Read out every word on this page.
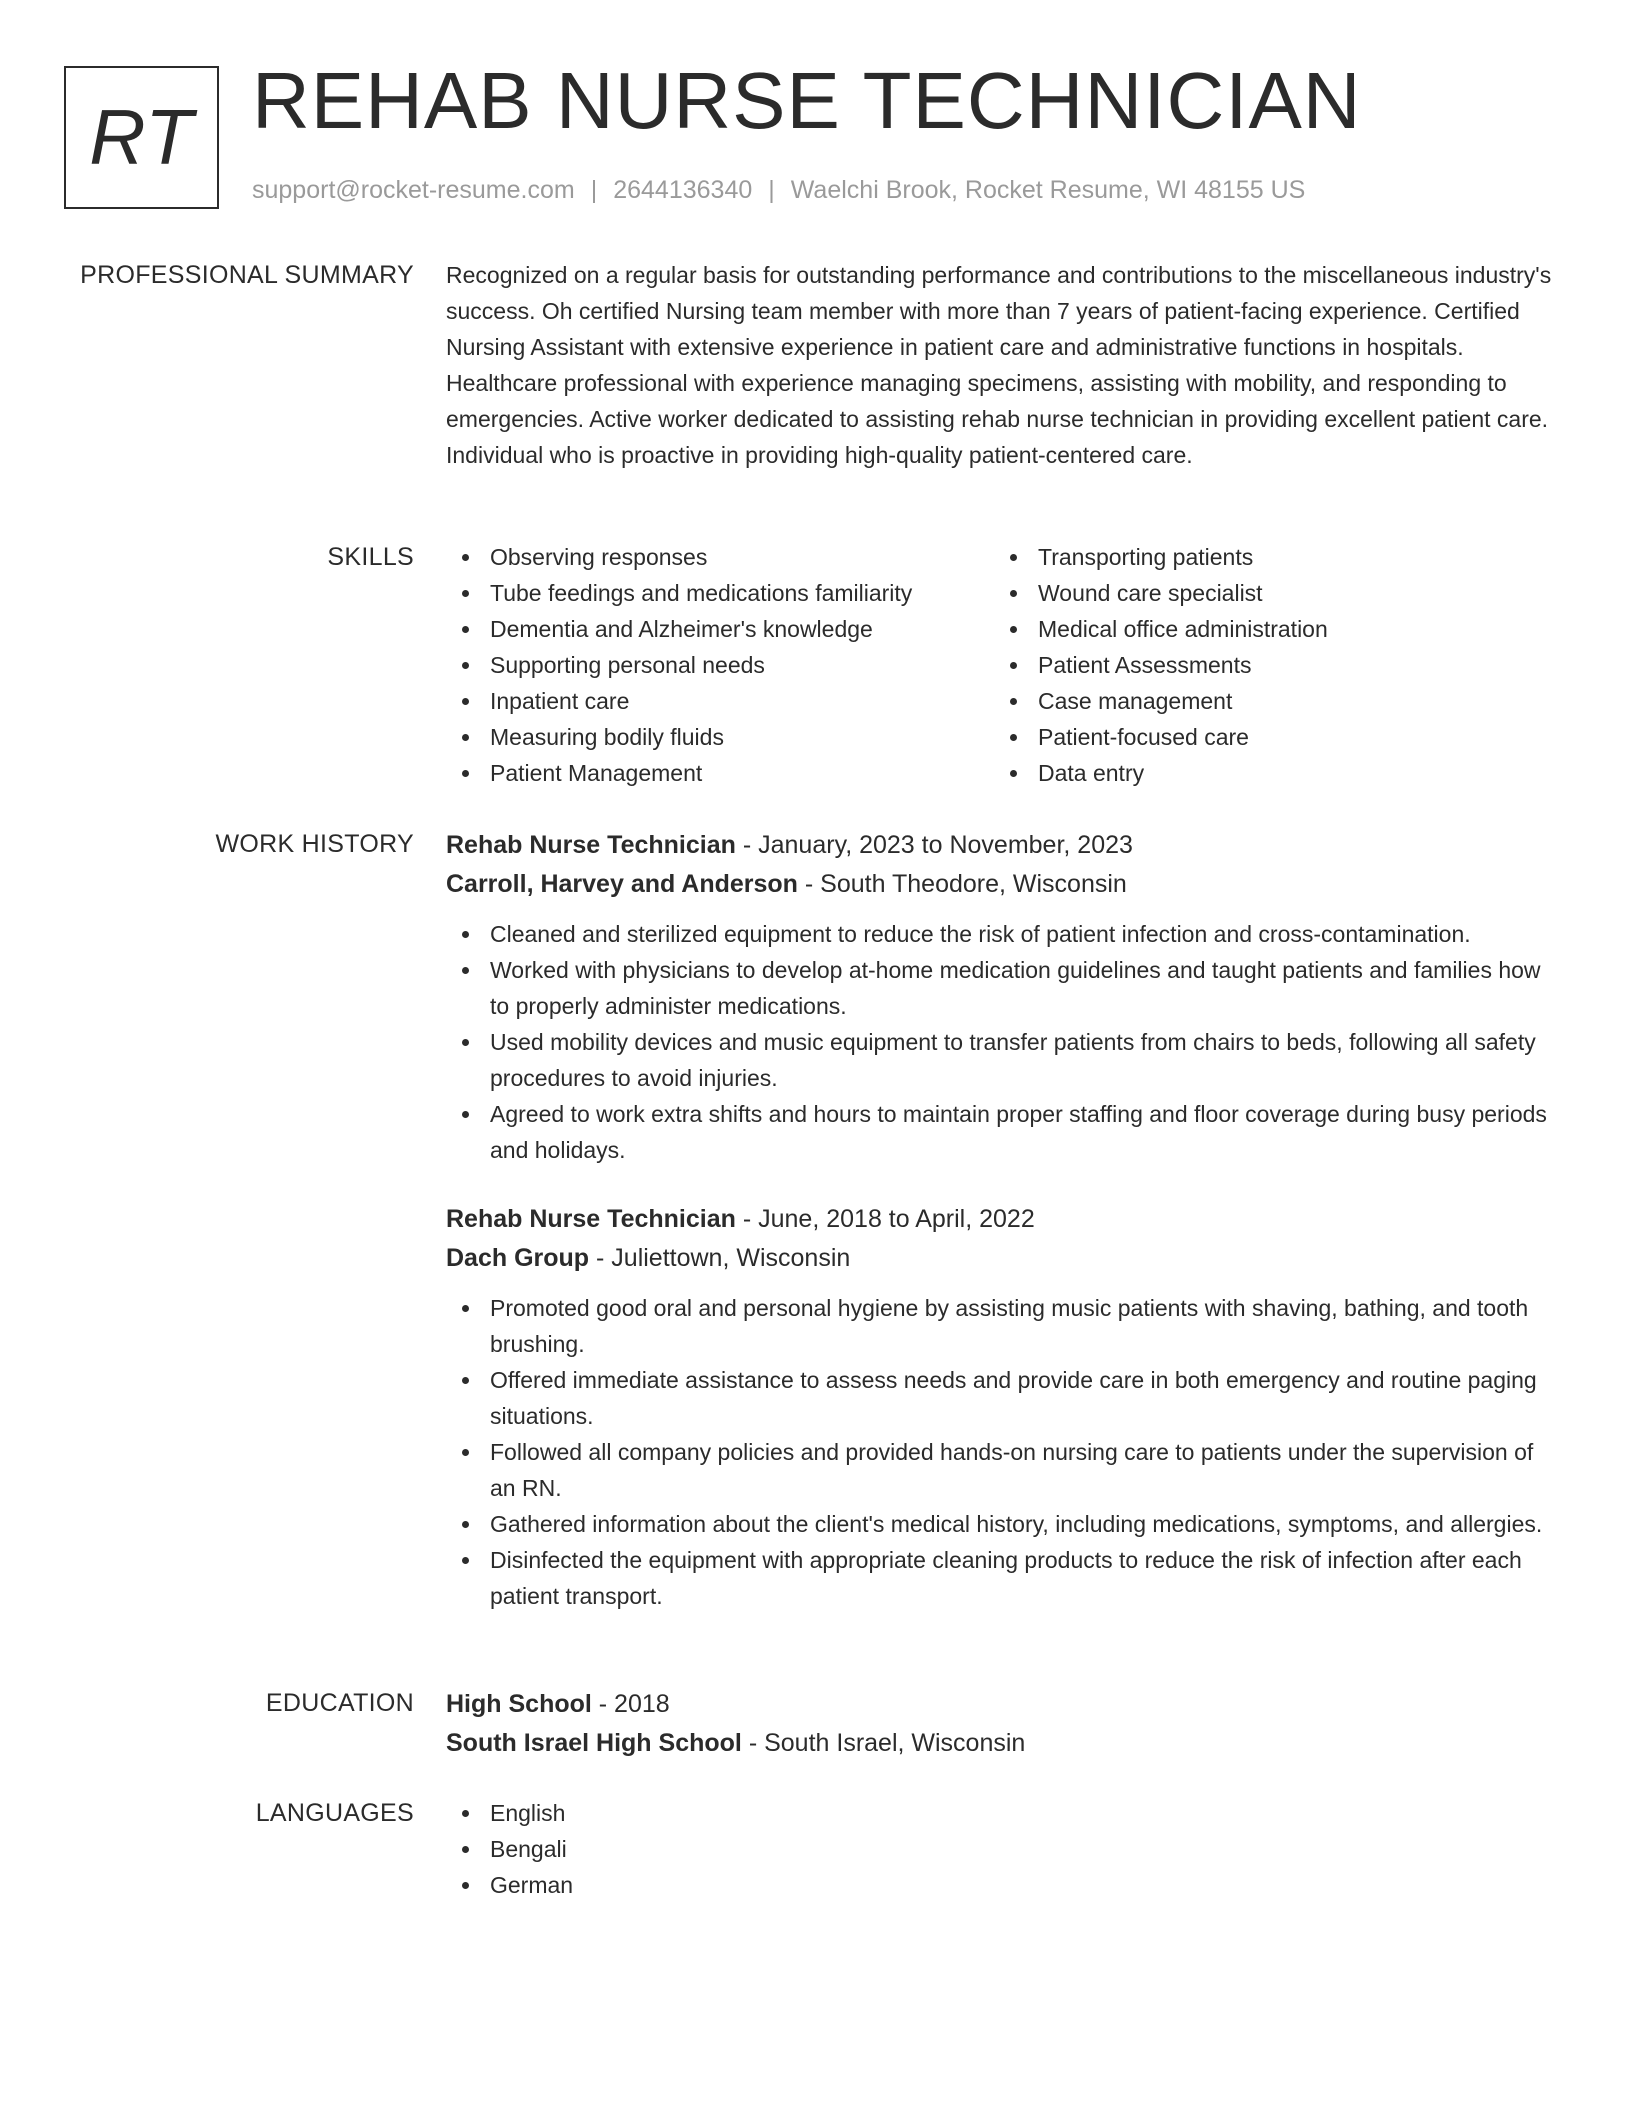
RT REHAB NURSE TECHNICIAN
support@rocket-resume.com | 2644136340 | Waelchi Brook, Rocket Resume, WI 48155 US
PROFESSIONAL SUMMARY Recognized on a regular basis for outstanding performance and contributions to the miscellaneous industry's success. Oh certified Nursing team member with more than 7 years of patient-facing experience. Certified Nursing Assistant with extensive experience in patient care and administrative functions in hospitals. Healthcare professional with experience managing specimens, assisting with mobility, and responding to emergencies. Active worker dedicated to assisting rehab nurse technician in providing excellent patient care. Individual who is proactive in providing high-quality patient-centered care.
SKILLS	Observing responses
Tube feedings and medications familiarity
Dementia and Alzheimer's knowledge
Supporting personal needs
Inpatient care
Measuring bodily fluids
Patient Management
Transporting patients
Wound care specialist
Medical office administration
Patient Assessments
Case management
Patient-focused care
Data entry
WORK HISTORY Rehab Nurse Technician - January, 2023 to November, 2023
Carroll, Harvey and Anderson - South Theodore, Wisconsin
Cleaned and sterilized equipment to reduce the risk of patient infection and cross-contamination.
Worked with physicians to develop at-home medication guidelines and taught patients and families how to properly administer medications.
Used mobility devices and music equipment to transfer patients from chairs to beds, following all safety procedures to avoid injuries.
Agreed to work extra shifts and hours to maintain proper staffing and floor coverage during busy periods and holidays.
Rehab Nurse Technician - June, 2018 to April, 2022
Dach Group - Juliettown, Wisconsin
Promoted good oral and personal hygiene by assisting music patients with shaving, bathing, and tooth brushing.
Offered immediate assistance to assess needs and provide care in both emergency and routine paging situations.
Followed all company policies and provided hands-on nursing care to patients under the supervision of an RN.
Gathered information about the client's medical history, including medications, symptoms, and allergies.
Disinfected the equipment with appropriate cleaning products to reduce the risk of infection after each patient transport.
EDUCATION High School - 2018
South Israel High School - South Israel, Wisconsin
LANGUAGES	English
Bengali
German
